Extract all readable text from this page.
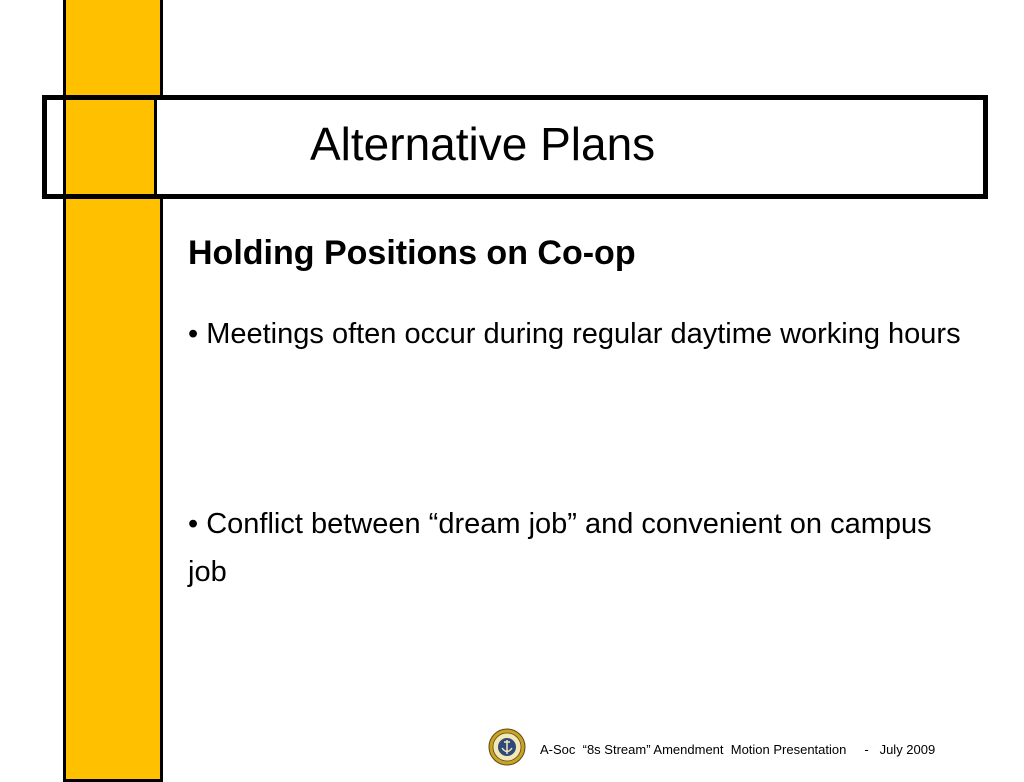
Alternative Plans
Holding Positions on Co-op
• Meetings often occur during regular daytime working hours
• Conflict between “dream job” and convenient on campus job
A-Soc  “8s Stream” Amendment  Motion Presentation     -   July 2009
